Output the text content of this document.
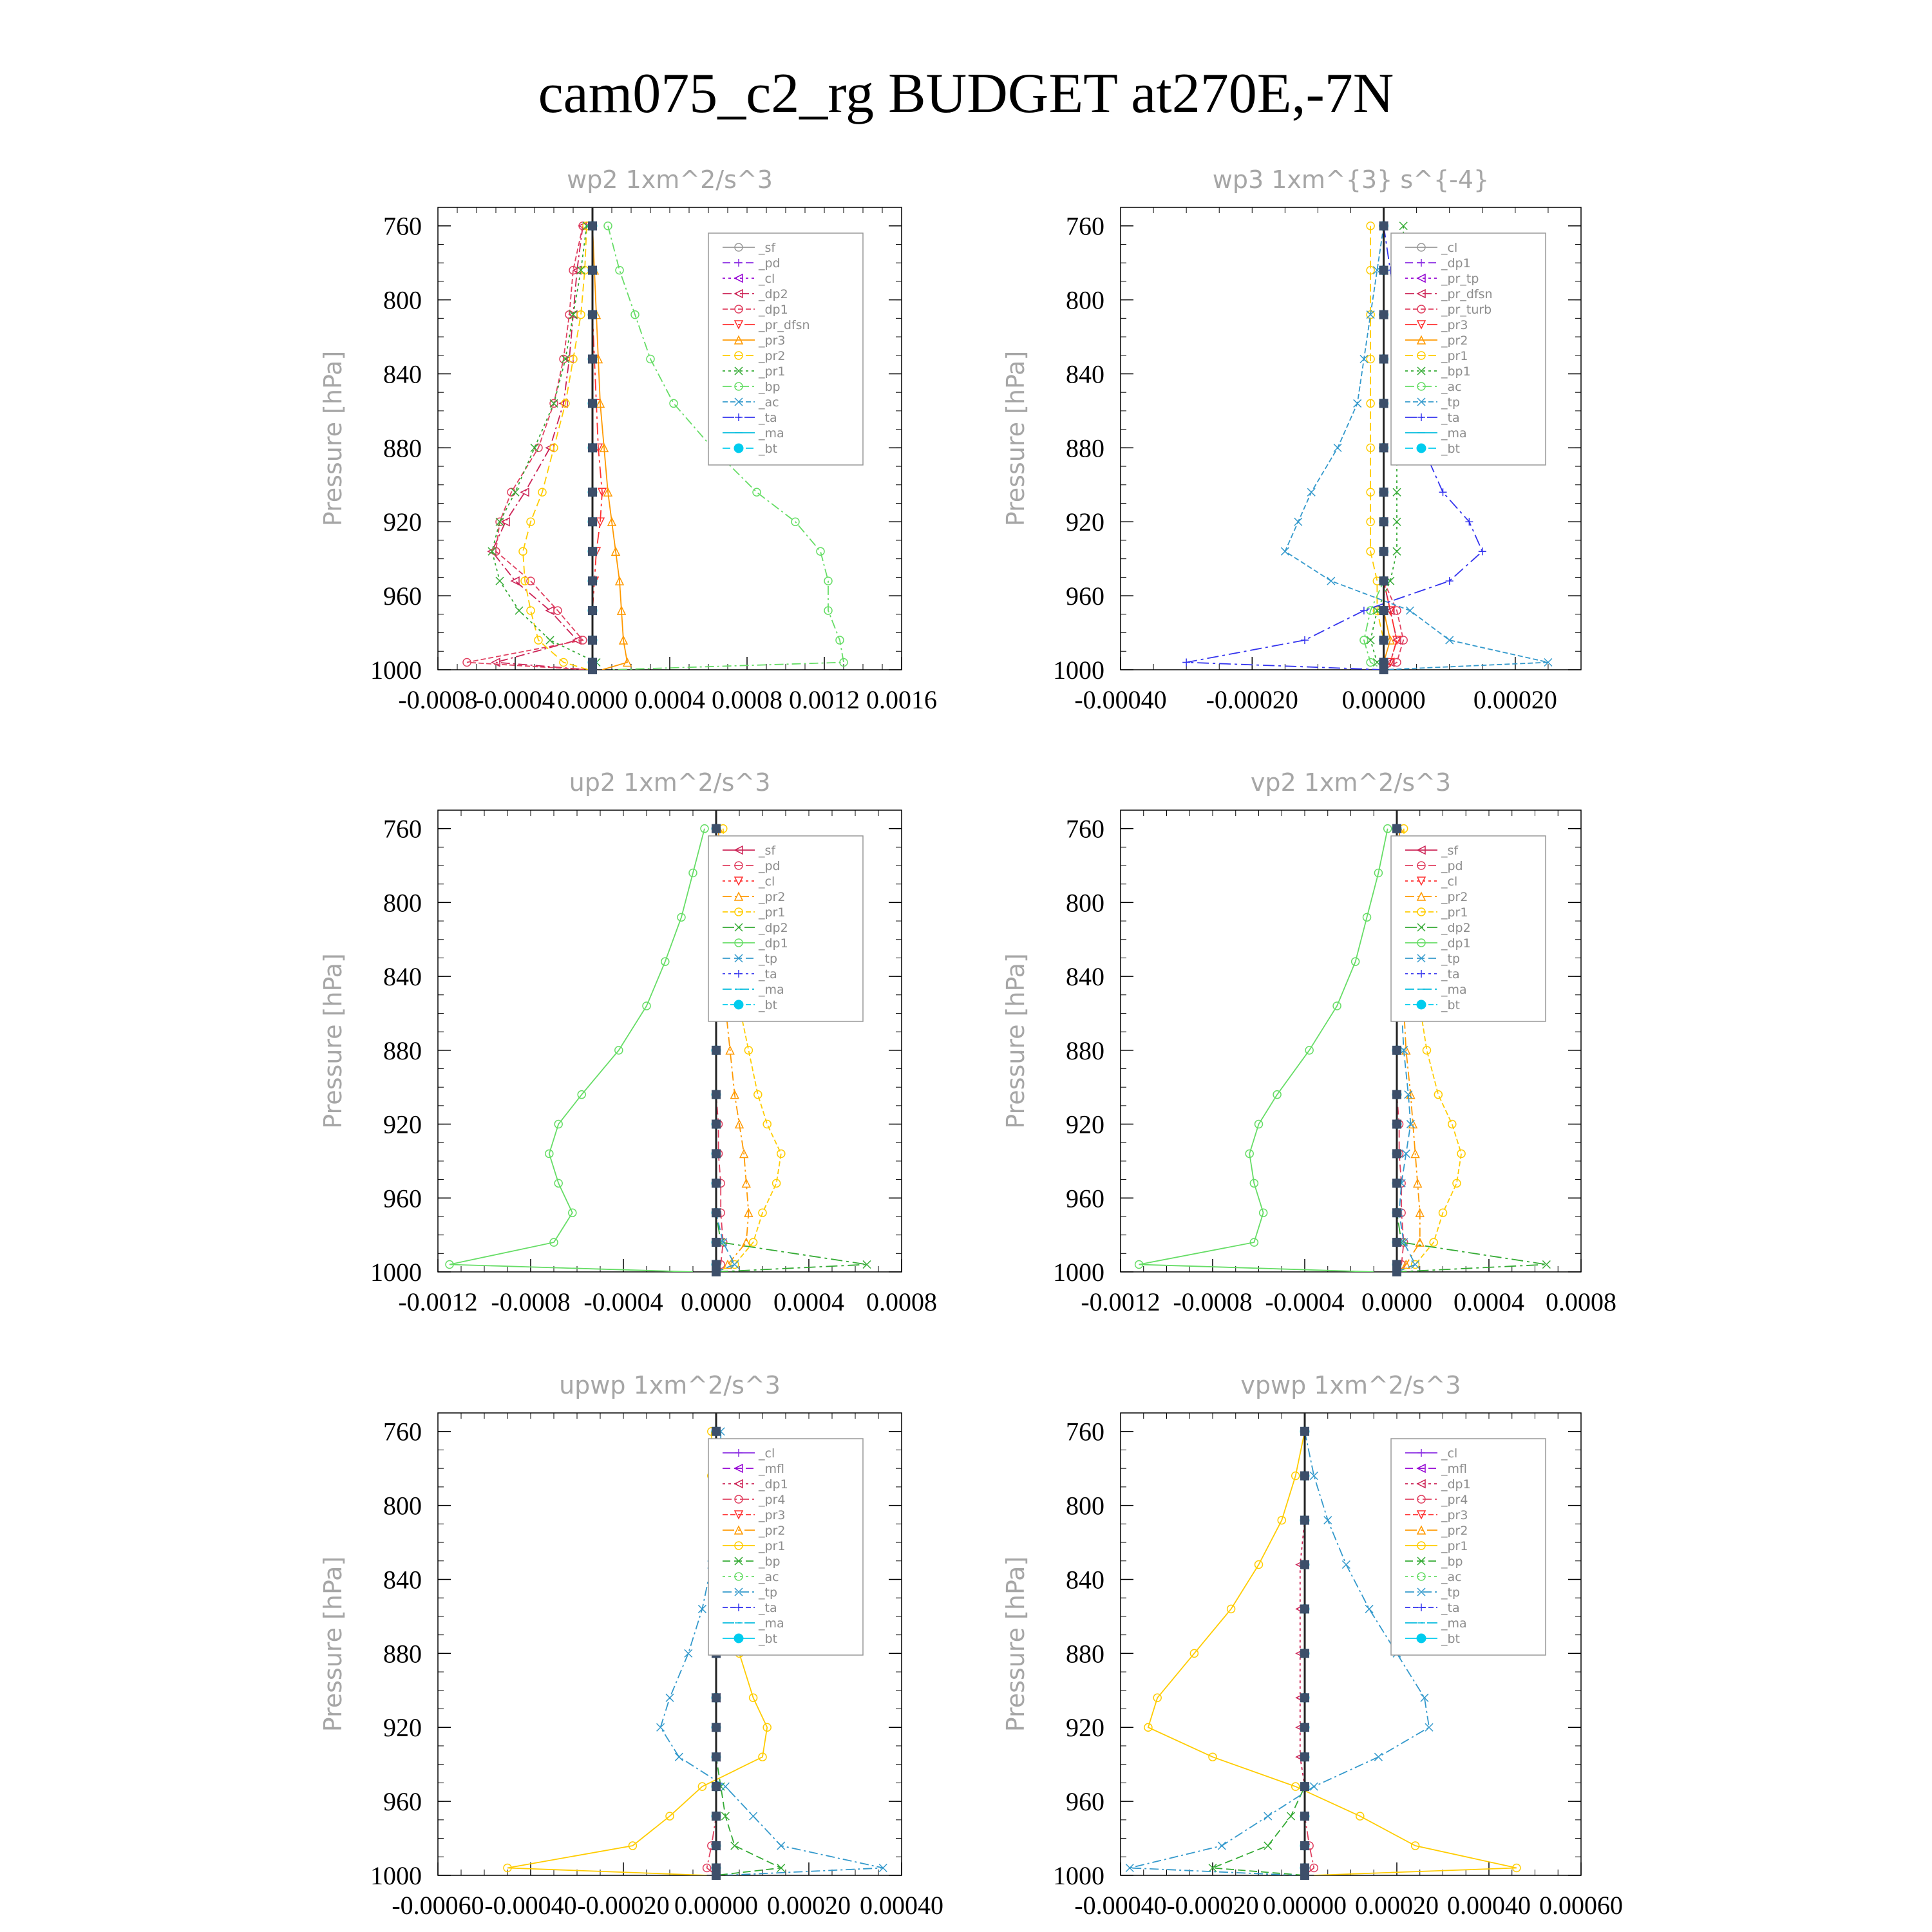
cam075_c2_rg BUDGET at270E,-7N
wp2 1xm^2/s^3
Pressure [hPa]
760
800
840
880
920
960
1000
-0.0008
-0.0004 0.0000 0.0004 0.0008 0.0012 0.0016
_sf
_pd
_cl
_dp2
_dp1
_pr_dfsn
_pr3
_pr2
_pr1
_bp
_ac
_ta
_ma
_bt
wp3 1xm^{3} s^{-4}
Pressure [hPa]
760
800
840
880
920
960
1000
-0.00040 -0.00020 0.00000 0.00020
_cl
_dp1
_pr_tp
_pr_dfsn
_pr_turb
_pr3
_pr2
_pr1
_bp1
_ac
_tp
_ta
_ma
_bt
up2 1xm^2/s^3
Pressure [hPa]
760
800
840
880
920
960
1000
-0.0012 -0.0008 -0.0004 0.0000 0.0004 0.0008
_sf
_pd
_cl
_pr2
_pr1
_dp2
_dp1
_tp
_ta
_ma
_bt
vp2 1xm^2/s^3
Pressure [hPa]
760
800
840
880
920
960
1000
-0.0012 -0.0008 -0.0004 0.0000 0.0004 0.0008
_sf
_pd
_cl
_pr2
_pr1
_dp2
_dp1
_tp
_ta
_ma
_bt
upwp 1xm^2/s^3
Pressure [hPa]
760
800
840
880
920
960
1000
-0.00060 -0.00040 -0.00020 0.00000 0.00020 0.00040
_cl
_mfl
_dp1
_pr4
_pr3
_pr2
_pr1
_bp
_ac
_tp
_ta
_ma
_bt
vpwp 1xm^2/s^3
Pressure [hPa]
760
800
840
880
920
960
1000
-0.00040 -0.00020 0.00000 0.00020 0.00040 0.00060
_cl
_mfl
_dp1
_pr4
_pr3
_pr2
_pr1
_bp
_ac
_tp
_ta
_ma
_bt
